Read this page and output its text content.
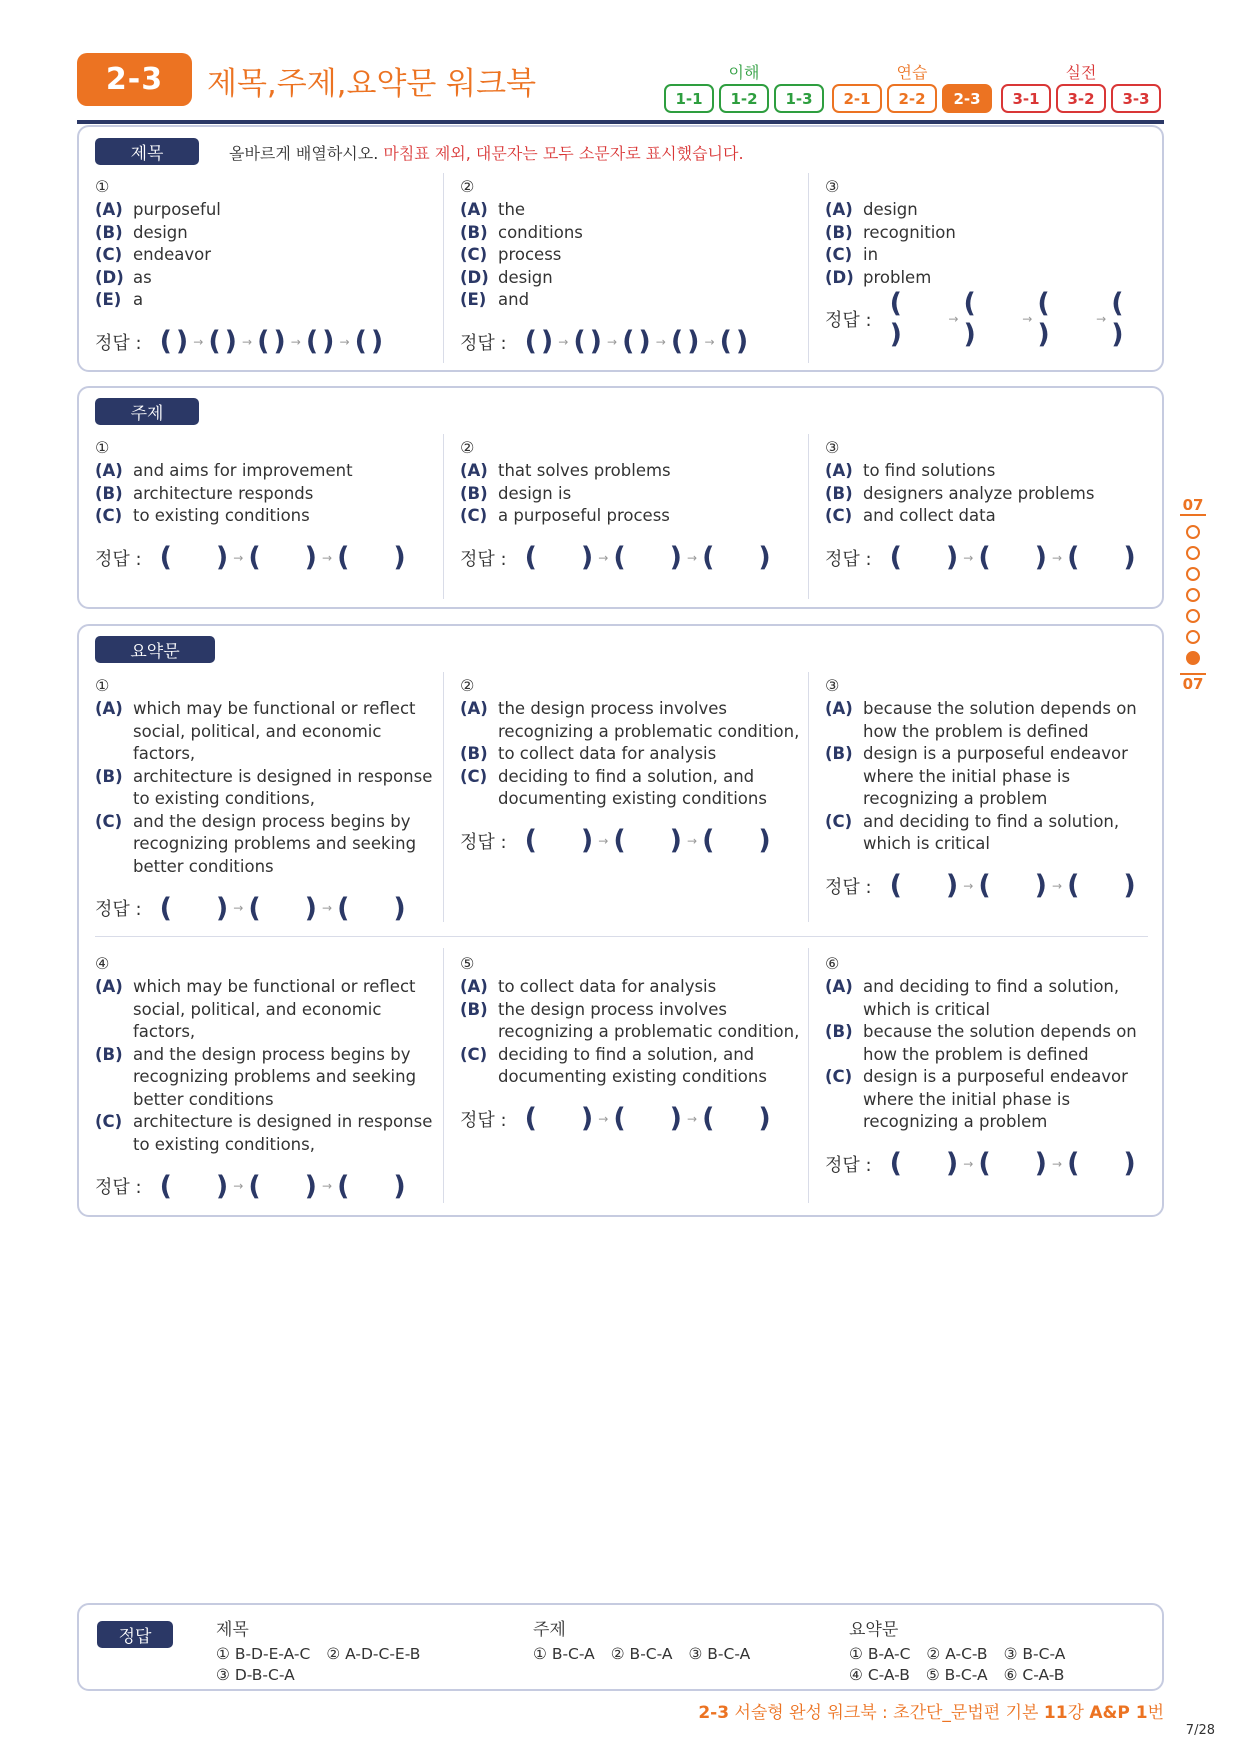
2-3	제목,주제,요약문 워크북	이해
1-1	1-2	1-3
연습
2-1	2-2	2-3
실전
3-1	3-2	3-3
07
07
제목	올바르게 배열하시오. 마침표 제외, 대문자는 모두 소문자로 표시했습니다.
①
(A) purposeful
(B) design
(C) endeavor
(D) as
(E) a
정답 : ( ) → ( ) → ( ) → ( ) → ( )
②
(A) the
(B) conditions
(C) process
(D) design
(E) and
정답 : ( ) → ( ) → ( ) → ( ) → ( )
③
(A) design
(B) recognition
(C) in
(D) problem
정답 :
()	→ ()	→ ()	→ ()
주제
①
(A) and aims for improvement
(B) architecture responds
(C) to existing conditions
정답 : ( ) → ( ) → ( )
②
(A) that solves problems
(B) design is
(C) a purposeful process
정답 : ( ) → ( ) → ( )
③
(A) to find solutions
(B) designers analyze problems
(C) and collect data
정답 : ( ) → ( ) → ( )
요약문
①
(A) which may be functional or reflect social, political, and economic factors,
(B) architecture is designed in response to existing conditions,
(C) and the design process begins by recognizing problems and seeking better conditions
정답 : ( ) → ( ) → ( )
②
(A) the design process involves recognizing a problematic condition,
(B) to collect data for analysis
(C) deciding to find a solution, and documenting existing conditions
정답 : ( ) → ( ) → ( )
③
(A) because the solution depends on how the problem is defined
(B) design is a purposeful endeavor where the initial phase is recognizing a problem
(C) and deciding to find a solution, which is critical
정답 : ( ) → ( ) → ( )
④
(A) which may be functional or reflect social, political, and economic factors,
(B) and the design process begins by recognizing problems and seeking better conditions
(C) architecture is designed in response to existing conditions,
정답 : ( ) → ( ) → ( )
⑤
(A) to collect data for analysis
(B) the design process involves recognizing a problematic condition,
(C) deciding to find a solution, and documenting existing conditions
정답 : ( ) → ( ) → ( )
⑥
(A) and deciding to find a solution, which is critical
(B) because the solution depends on how the problem is defined
(C) design is a purposeful endeavor where the initial phase is recognizing a problem
정답 : ( ) → ( ) → ( )
정답	제목
① B-D-E-A-C ② A-D-C-E-B
③ D-B-C-A
주제
① B-C-A ② B-C-A ③ B-C-A
요약문
① B-A-C ② A-C-B ③ B-C-A
④ C-A-B ⑤ B-C-A ⑥ C-A-B
2-3 서술형 완성 워크북 : 초간단_문법편 기본 11강 A&P 1번
7/28
